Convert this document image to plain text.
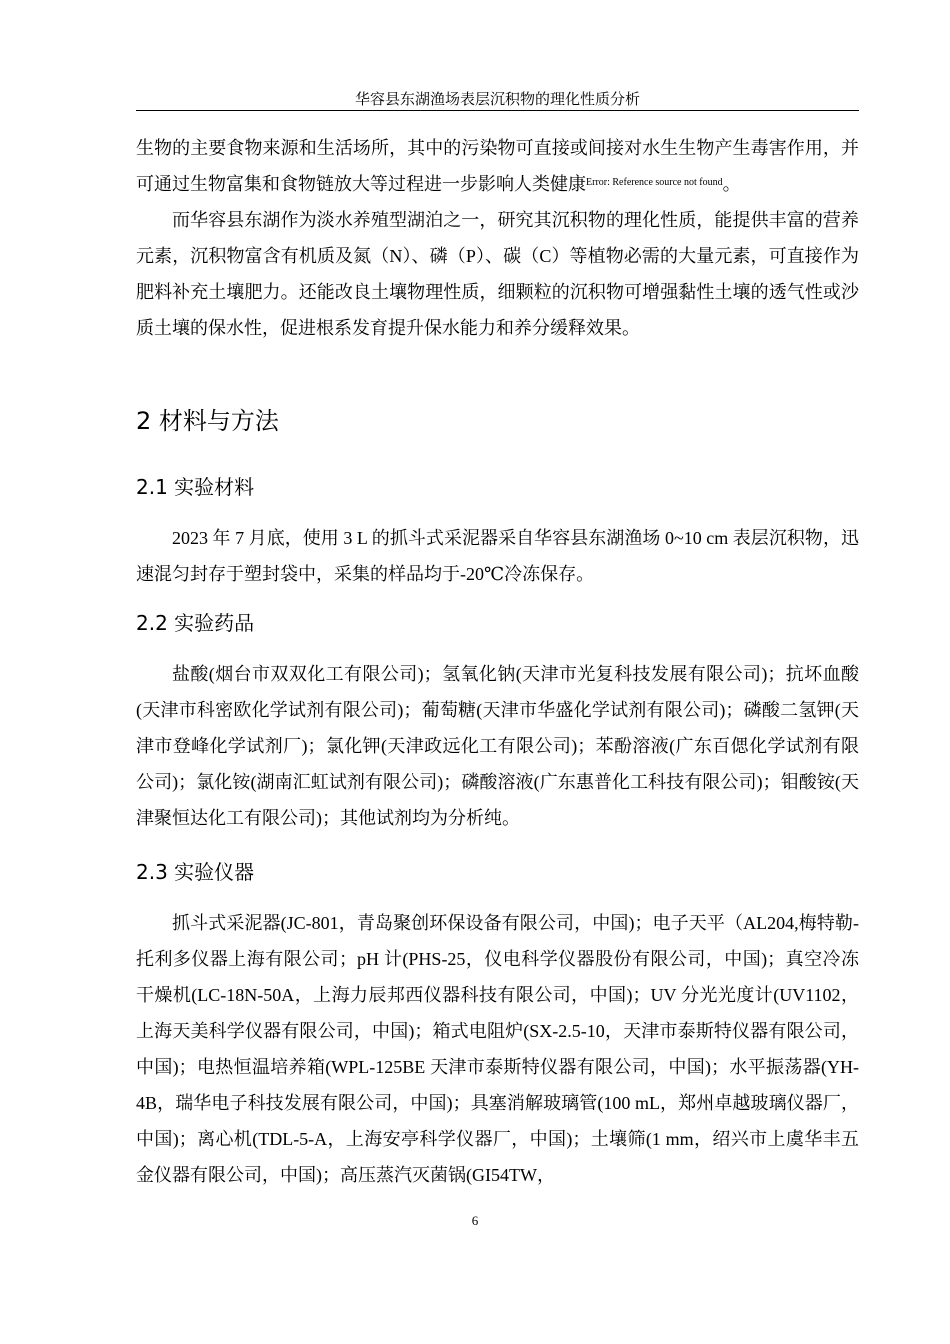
华容县东湖渔场表层沉积物的理化性质分析
生物的主要食物来源和生活场所，其中的污染物可直接或间接对水生生物产生毒害作用，并可通过生物富集和食物链放大等过程进一步影响人类健康$^{Error: Reference source not found}$。
而华容县东湖作为淡水养殖型湖泊之一，研究其沉积物的理化性质，能提供丰富的营养元素，沉积物富含有机质及氮（N）、磷（P）、碳（C）等植物必需的大量元素，可直接作为肥料补充土壤肥力。还能改良土壤物理性质，细颗粒的沉积物可增强黏性土壤的透气性或沙质土壤的保水性，促进根系发育提升保水能力和养分缓释效果。
2 材料与方法
2.1 实验材料
2023 年 7 月底，使用 3 L 的抓斗式采泥器采自华容县东湖渔场 0~10 cm 表层沉积物，迅速混匀封存于塑封袋中，采集的样品均于-20℃冷冻保存。
2.2 实验药品
盐酸(烟台市双双化工有限公司)；氢氧化钠(天津市光复科技发展有限公司)；抗坏血酸(天津市科密欧化学试剂有限公司)；葡萄糖(天津市华盛化学试剂有限公司)；磷酸二氢钾(天津市登峰化学试剂厂)；氯化钾(天津政远化工有限公司)；苯酚溶液(广东百偲化学试剂有限公司)；氯化铵(湖南汇虹试剂有限公司)；磷酸溶液(广东惠普化工科技有限公司)；钼酸铵(天津聚恒达化工有限公司)；其他试剂均为分析纯。
2.3 实验仪器
抓斗式采泥器(JC-801，青岛聚创环保设备有限公司，中国)；电子天平（AL204,梅特勒-托利多仪器上海有限公司；pH 计(PHS-25，仪电科学仪器股份有限公司，中国)；真空冷冻干燥机(LC-18N-50A，上海力辰邦西仪器科技有限公司，中国)；UV 分光光度计(UV1102，上海天美科学仪器有限公司，中国)；箱式电阻炉(SX-2.5-10，天津市泰斯特仪器有限公司，中国)；电热恒温培养箱(WPL-125BE 天津市泰斯特仪器有限公司，中国)；水平振荡器(YH-4B，瑞华电子科技发展有限公司，中国)；具塞消解玻璃管(100 mL，郑州卓越玻璃仪器厂，中国)；离心机(TDL-5-A，上海安亭科学仪器厂，中国)；土壤筛(1 mm，绍兴市上虞华丰五金仪器有限公司，中国)；高压蒸汽灭菌锅(GI54TW，
6
